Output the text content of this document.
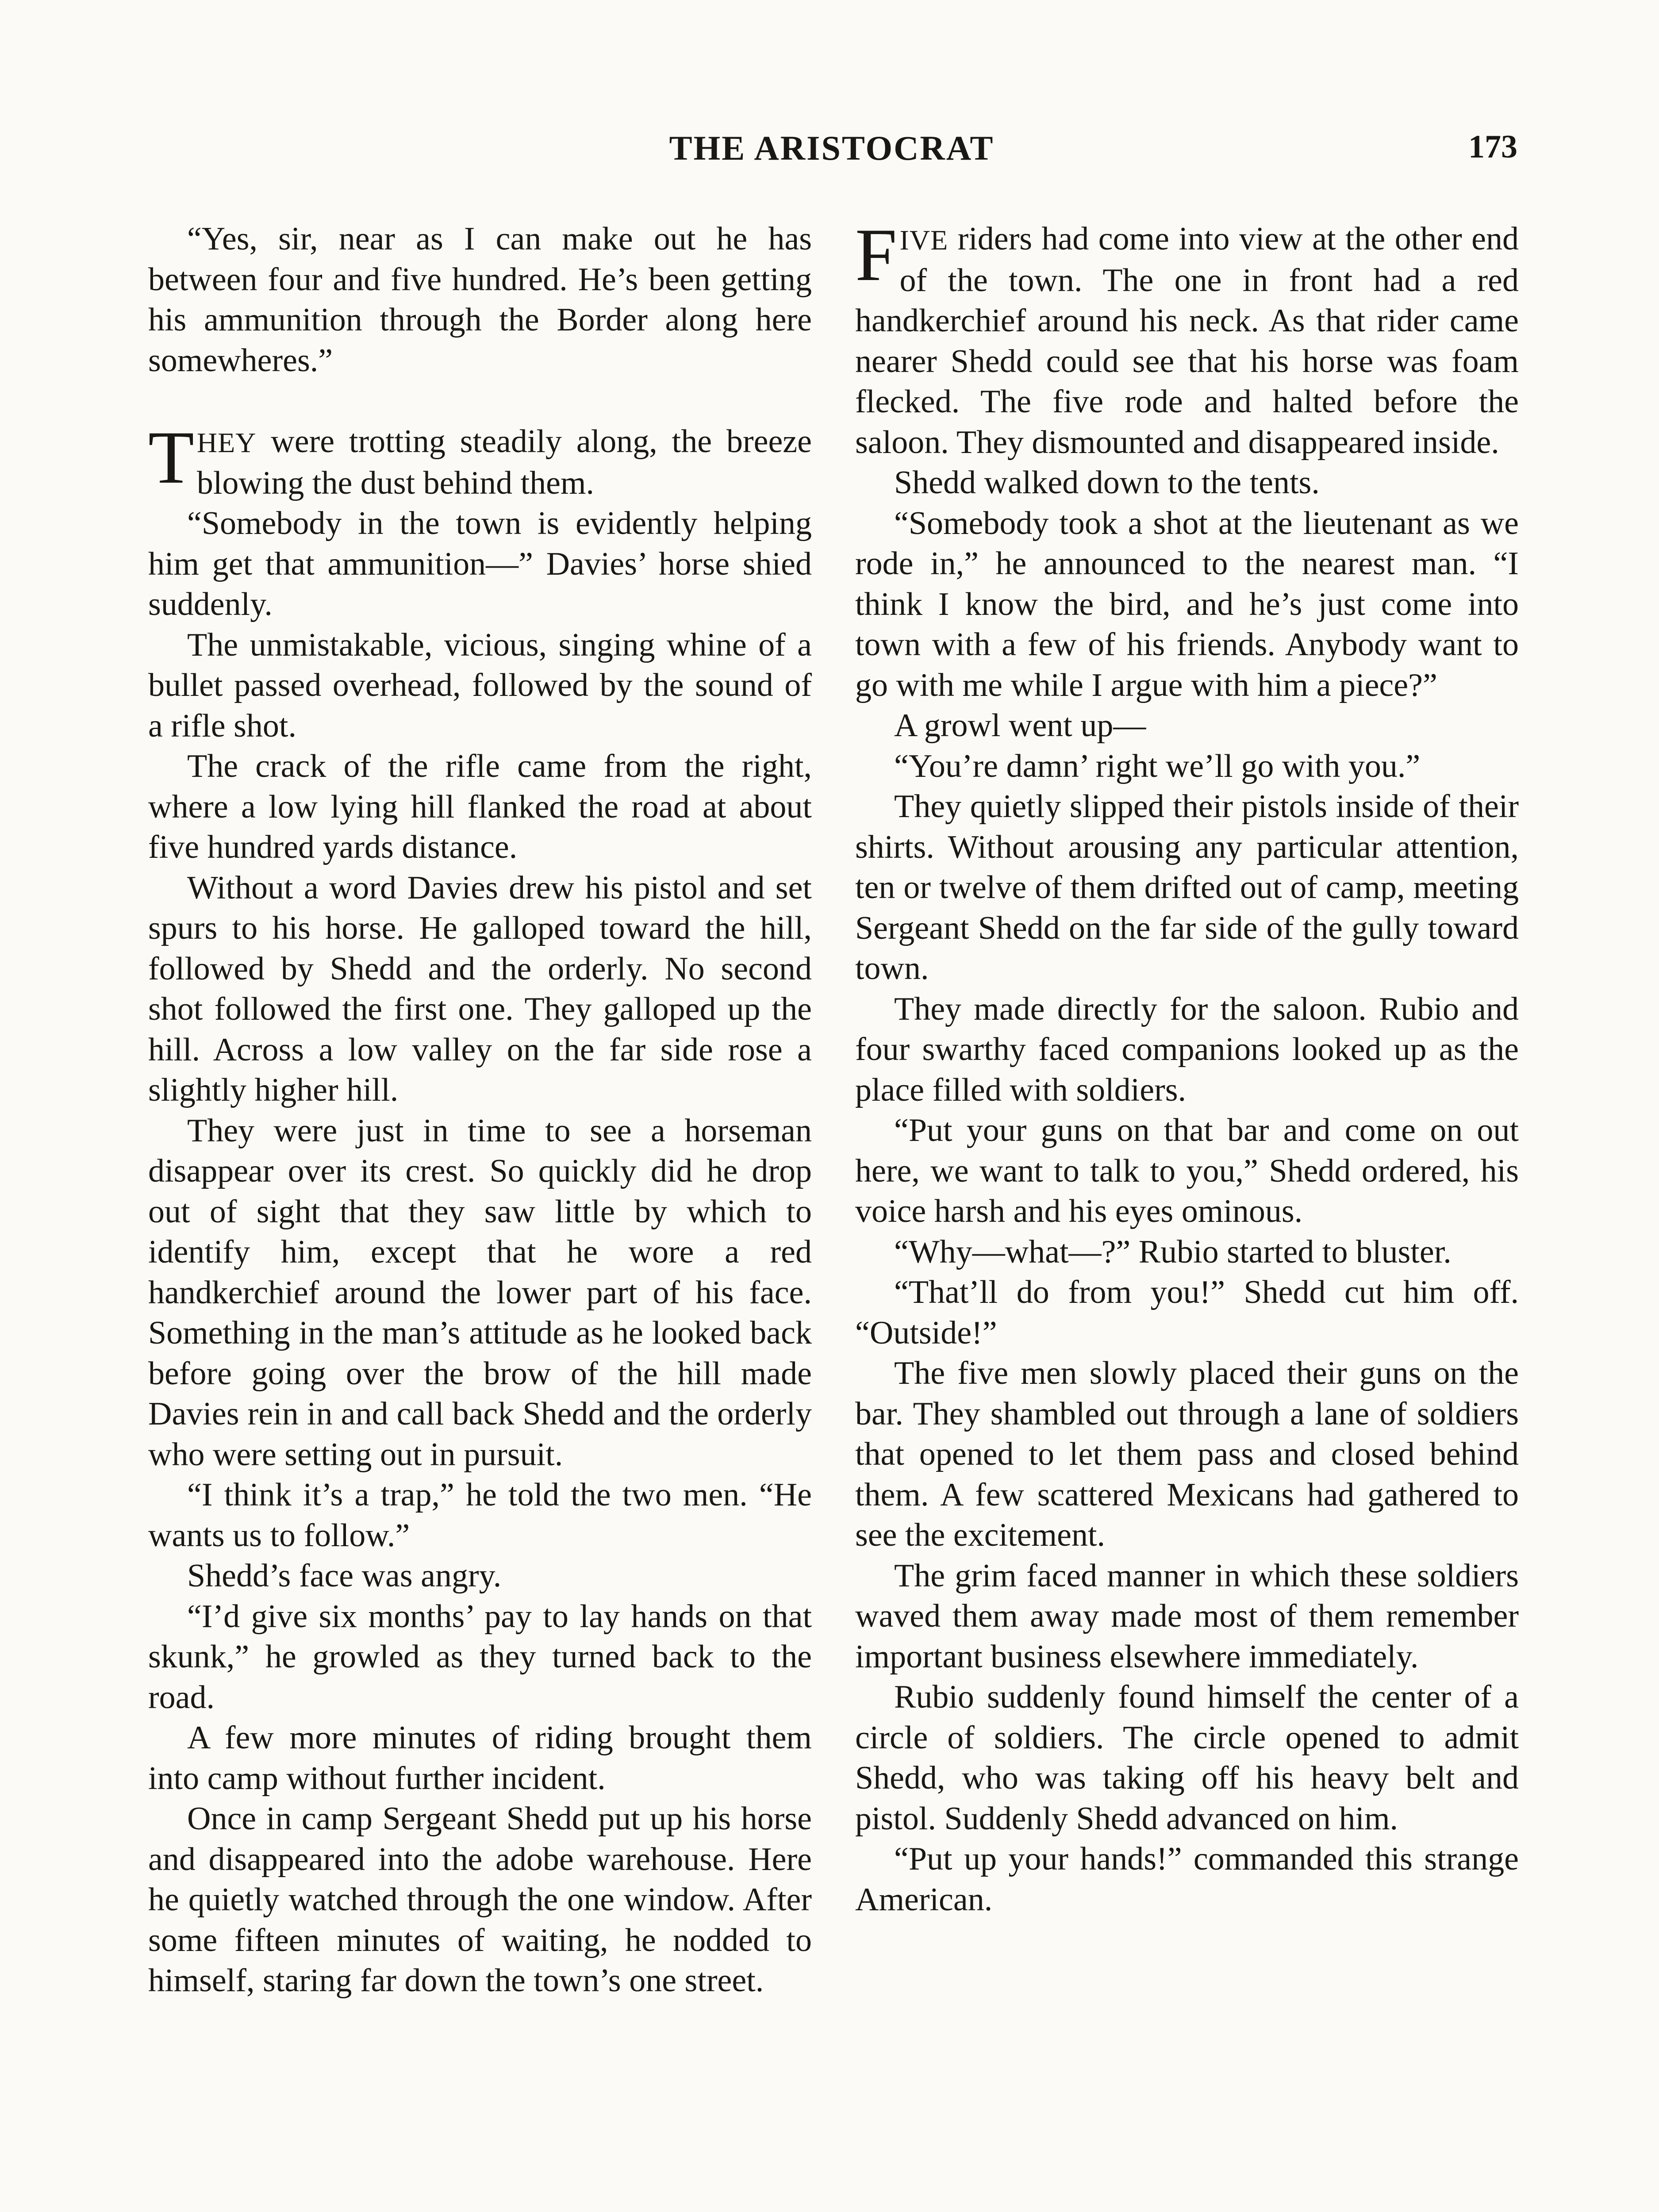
THE ARISTOCRAT	173

“Yes, sir, near as I can make out he has between four and five hundred. He’s been getting his ammunition through the Border along here somewheres.”

THEY were trotting steadily along, the breeze blowing the dust behind them.

“Somebody in the town is evidently helping him get that ammunition—” Davies’ horse shied suddenly.

The unmistakable, vicious, singing whine of a bullet passed overhead, followed by the sound of a rifle shot.

The crack of the rifle came from the right, where a low lying hill flanked the road at about five hundred yards distance.

Without a word Davies drew his pistol and set spurs to his horse. He galloped toward the hill, followed by Shedd and the orderly. No second shot followed the first one. They galloped up the hill. Across a low valley on the far side rose a slightly higher hill.

They were just in time to see a horseman disappear over its crest. So quickly did he drop out of sight that they saw little by which to identify him, except that he wore a red handkerchief around the lower part of his face. Something in the man’s attitude as he looked back before going over the brow of the hill made Davies rein in and call back Shedd and the orderly who were setting out in pursuit.

“I think it’s a trap,” he told the two men. “He wants us to follow.”

Shedd’s face was angry.

“I’d give six months’ pay to lay hands on that skunk,” he growled as they turned back to the road.

A few more minutes of riding brought them into camp without further incident.

Once in camp Sergeant Shedd put up his horse and disappeared into the adobe warehouse. Here he quietly watched through the one window. After some fifteen minutes of waiting, he nodded to himself, staring far down the town’s one street.

FIVE riders had come into view at the other end of the town. The one in front had a red handkerchief around his neck. As that rider came nearer Shedd could see that his horse was foam flecked. The five rode and halted before the saloon. They dismounted and disappeared inside.

Shedd walked down to the tents.

“Somebody took a shot at the lieutenant as we rode in,” he announced to the nearest man. “I think I know the bird, and he’s just come into town with a few of his friends. Anybody want to go with me while I argue with him a piece?”

A growl went up—

“You’re damn’ right we’ll go with you.”

They quietly slipped their pistols inside of their shirts. Without arousing any particular attention, ten or twelve of them drifted out of camp, meeting Sergeant Shedd on the far side of the gully toward town.

They made directly for the saloon. Rubio and four swarthy faced companions looked up as the place filled with soldiers.

“Put your guns on that bar and come on out here, we want to talk to you,” Shedd ordered, his voice harsh and his eyes ominous.

“Why—what—?” Rubio started to bluster.

“That’ll do from you!” Shedd cut him off. “Outside!”

The five men slowly placed their guns on the bar. They shambled out through a lane of soldiers that opened to let them pass and closed behind them. A few scattered Mexicans had gathered to see the excitement.

The grim faced manner in which these soldiers waved them away made most of them remember important business elsewhere immediately.

Rubio suddenly found himself the center of a circle of soldiers. The circle opened to admit Shedd, who was taking off his heavy belt and pistol. Suddenly Shedd advanced on him.

“Put up your hands!” commanded this strange American.
